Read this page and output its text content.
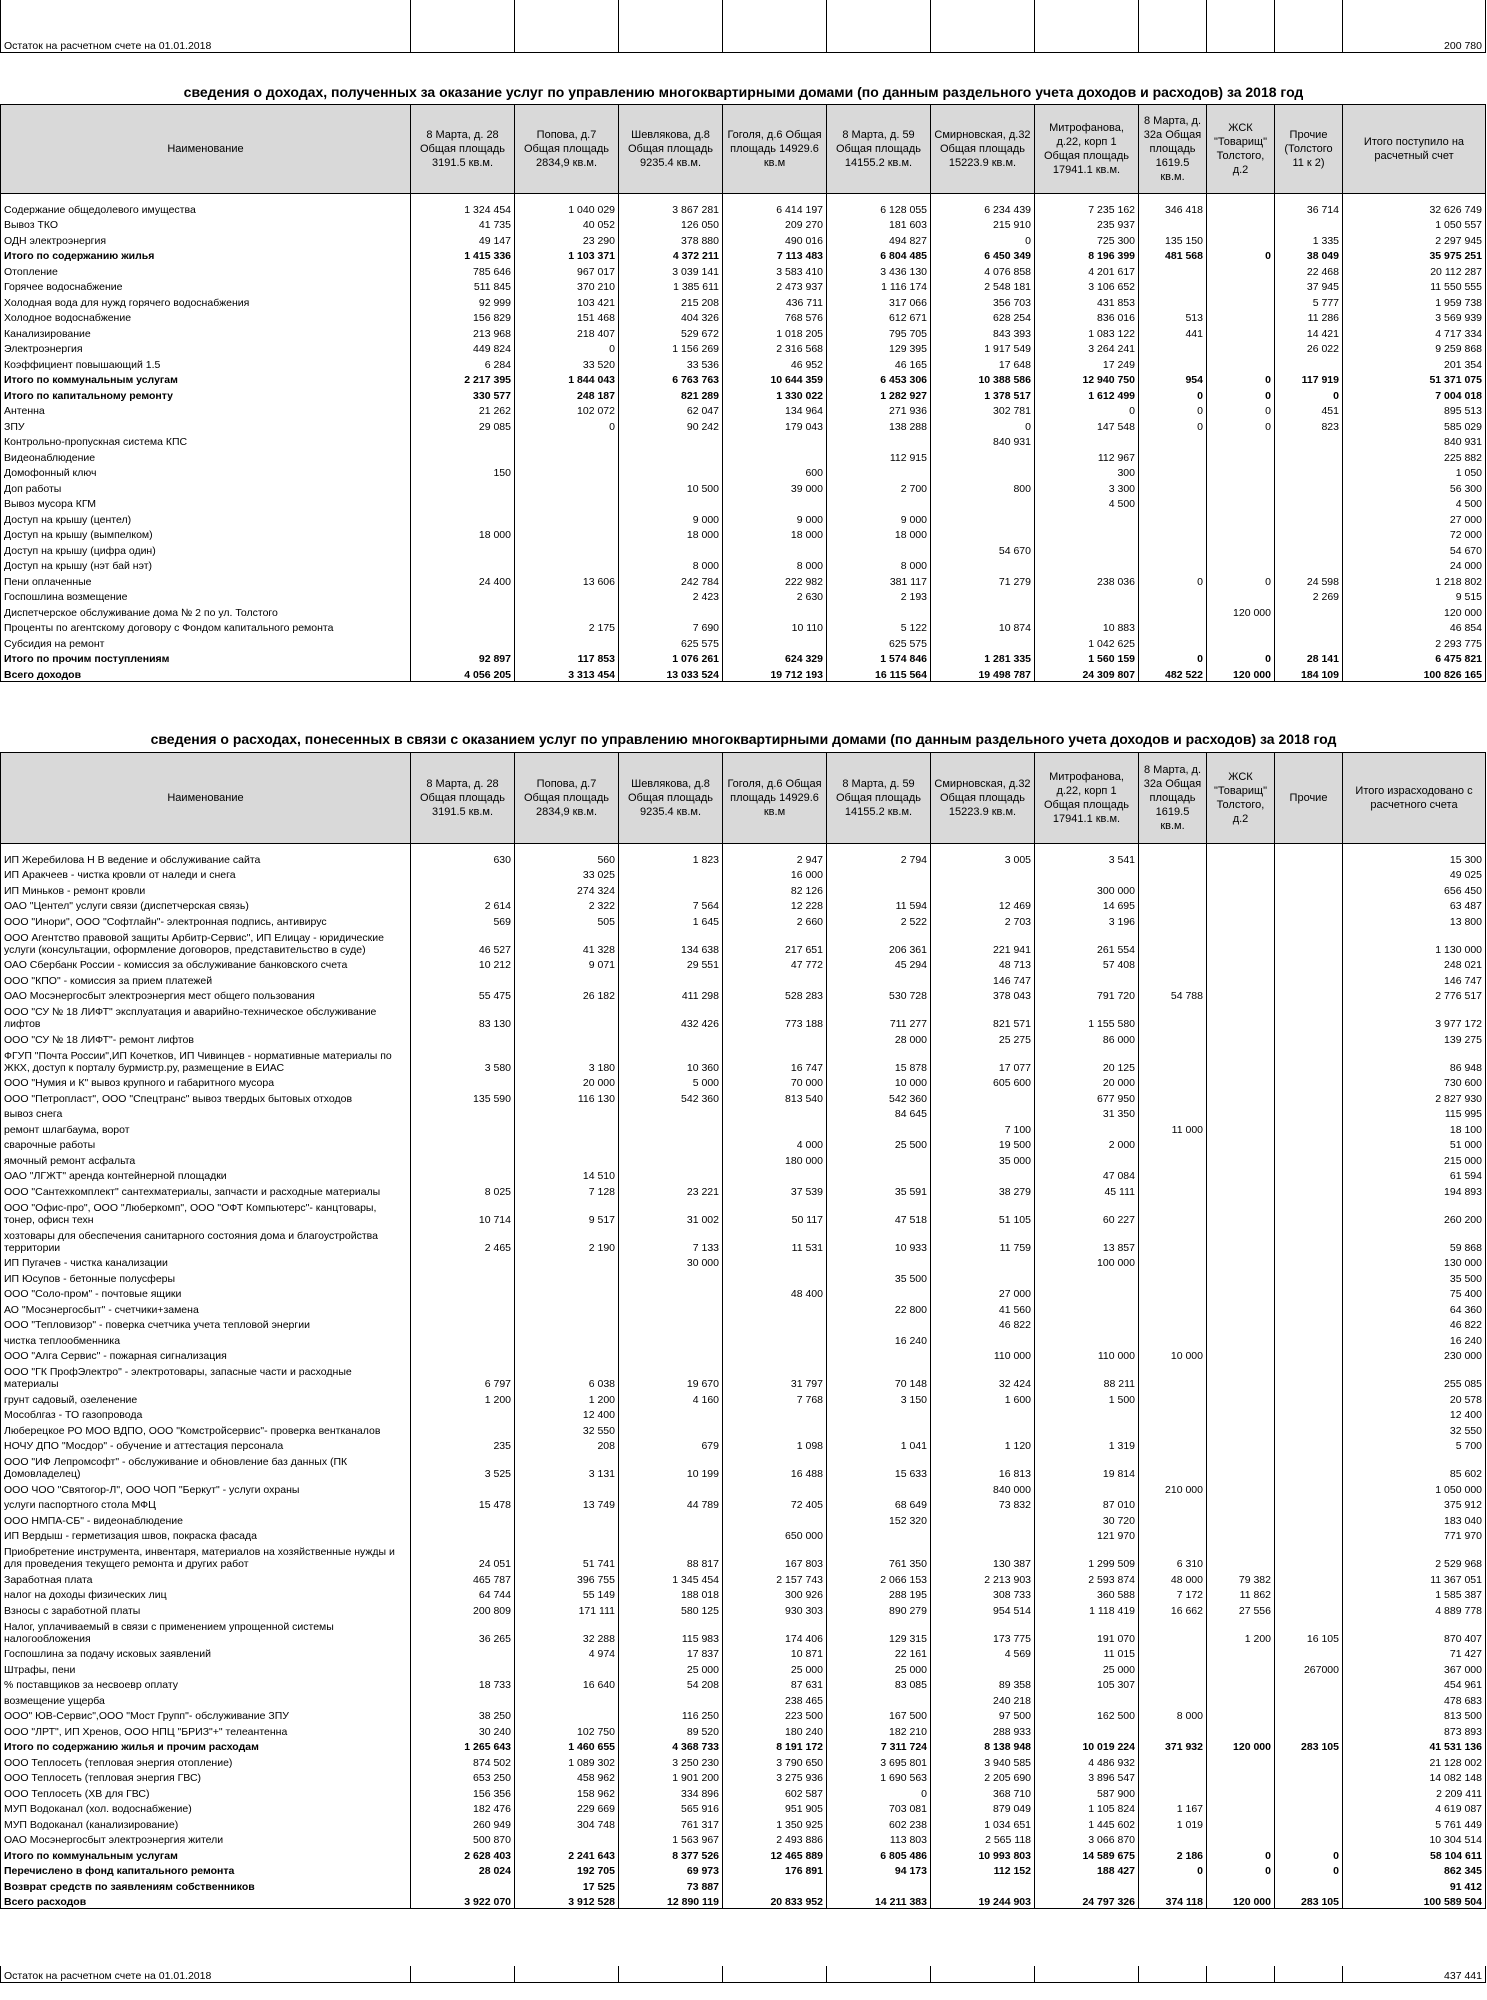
Остаток на расчетном счете на 01.01.2018											200 780
сведения о доходах, полученных за оказание услуг по управлению многоквартирными домами (по данным раздельного учета доходов и расходов) за 2018 год
Наименование	8 Марта, д. 28 Общая площадь 3191.5 кв.м.	Попова, д.7 Общая площадь 2834,9 кв.м.	Шевлякова, д.8 Общая площадь 9235.4 кв.м.	Гоголя, д.6 Общая площадь 14929.6 кв.м	8 Марта, д. 59 Общая площадь 14155.2 кв.м.	Смирновская, д.32 Общая площадь 15223.9 кв.м.	Митрофанова, д.22, корп 1 Общая площадь 17941.1 кв.м.	8 Марта, д. 32а Общая площадь 1619.5 кв.м.	ЖСК "Товарищ" Толстого, д.2	Прочие (Толстого 11 к 2)	Итого поступило на расчетный счет

Содержание общедолевого имущества	1 324 454	1 040 029	3 867 281	6 414 197	6 128 055	6 234 439	7 235 162	346 418		36 714	32 626 749
Вывоз ТКО	41 735	40 052	126 050	209 270	181 603	215 910	235 937				1 050 557
ОДН электроэнергия	49 147	23 290	378 880	490 016	494 827	0	725 300	135 150		1 335	2 297 945
Итого по содержанию жилья	1 415 336	1 103 371	4 372 211	7 113 483	6 804 485	6 450 349	8 196 399	481 568	0	38 049	35 975 251
Отопление	785 646	967 017	3 039 141	3 583 410	3 436 130	4 076 858	4 201 617			22 468	20 112 287
Горячее водоснабжение	511 845	370 210	1 385 611	2 473 937	1 116 174	2 548 181	3 106 652			37 945	11 550 555
Холодная вода для нужд горячего водоснабжения	92 999	103 421	215 208	436 711	317 066	356 703	431 853			5 777	1 959 738
Холодное водоснабжение	156 829	151 468	404 326	768 576	612 671	628 254	836 016	513		11 286	3 569 939
Канализирование	213 968	218 407	529 672	1 018 205	795 705	843 393	1 083 122	441		14 421	4 717 334
Электроэнергия	449 824	0	1 156 269	2 316 568	129 395	1 917 549	3 264 241			26 022	9 259 868
Коэффициент повышающий 1.5	6 284	33 520	33 536	46 952	46 165	17 648	17 249				201 354
Итого по коммунальным услугам	2 217 395	1 844 043	6 763 763	10 644 359	6 453 306	10 388 586	12 940 750	954	0	117 919	51 371 075
Итого по капитальному ремонту	330 577	248 187	821 289	1 330 022	1 282 927	1 378 517	1 612 499	0	0	0	7 004 018
Антенна	21 262	102 072	62 047	134 964	271 936	302 781	0	0	0	451	895 513
ЗПУ	29 085	0	90 242	179 043	138 288	0	147 548	0	0	823	585 029
Контрольно-пропускная система КПС						840 931					840 931
Видеонаблюдение					112 915		112 967				225 882
Домофонный ключ	150			600			300				1 050
Доп работы			10 500	39 000	2 700	800	3 300				56 300
Вывоз мусора КГМ							4 500				4 500
Доступ на крышу (центел)			9 000	9 000	9 000						27 000
Доступ на крышу (вымпелком)	18 000		18 000	18 000	18 000						72 000
Доступ на крышу (цифра один)						54 670					54 670
Доступ на крышу (нэт бай нэт)			8 000	8 000	8 000						24 000
Пени оплаченные	24 400	13 606	242 784	222 982	381 117	71 279	238 036	0	0	24 598	1 218 802
Госпошлина возмещение			2 423	2 630	2 193					2 269	9 515
Диспетчерское обслуживание дома № 2 по ул. Толстого									120 000		120 000
Проценты по агентскому договору с Фондом капитального ремонта		2 175	7 690	10 110	5 122	10 874	10 883				46 854
Субсидия на ремонт			625 575		625 575		1 042 625				2 293 775
Итого по прочим поступлениям	92 897	117 853	1 076 261	624 329	1 574 846	1 281 335	1 560 159	0	0	28 141	6 475 821
Всего доходов	4 056 205	3 313 454	13 033 524	19 712 193	16 115 564	19 498 787	24 309 807	482 522	120 000	184 109	100 826 165
сведения о расходах, понесенных в связи с оказанием услуг по управлению многоквартирными домами (по данным раздельного учета доходов и расходов) за 2018 год
Наименование	8 Марта, д. 28 Общая площадь 3191.5 кв.м.	Попова, д.7 Общая площадь 2834,9 кв.м.	Шевлякова, д.8 Общая площадь 9235.4 кв.м.	Гоголя, д.6 Общая площадь 14929.6 кв.м	8 Марта, д. 59 Общая площадь 14155.2 кв.м.	Смирновская, д.32 Общая площадь 15223.9 кв.м.	Митрофанова, д.22, корп 1 Общая площадь 17941.1 кв.м.	8 Марта, д. 32а Общая площадь 1619.5 кв.м.	ЖСК "Товарищ" Толстого, д.2	Прочие	Итого израсходовано с расчетного счета

ИП Жеребилова Н В ведение и обслуживание сайта	630	560	1 823	2 947	2 794	3 005	3 541				15 300
ИП Аракчеев - чистка кровли от наледи и снега		33 025		16 000							49 025
ИП Миньков - ремонт кровли		274 324		82 126			300 000				656 450
ОАО "Центел" услуги связи (диспетчерская связь)	2 614	2 322	7 564	12 228	11 594	12 469	14 695				63 487
ООО "Инори", ООО "Софтлайн"- электронная подпись, антивирус	569	505	1 645	2 660	2 522	2 703	3 196				13 800
ООО Агентство правовой защиты Арбитр-Сервис", ИП Елицау - юридические услуги (консультации, оформление договоров, представительство в суде)	46 527	41 328	134 638	217 651	206 361	221 941	261 554				1 130 000
ОАО Сбербанк России - комиссия за обслуживание банковского счета	10 212	9 071	29 551	47 772	45 294	48 713	57 408				248 021
ООО "КПО" - комиссия за прием платежей						146 747					146 747
ОАО Мосэнергосбыт электроэнергия мест общего пользования	55 475	26 182	411 298	528 283	530 728	378 043	791 720	54 788			2 776 517
ООО "СУ № 18 ЛИФТ" эксплуатация и аварийно-техническое обслуживание лифтов	83 130		432 426	773 188	711 277	821 571	1 155 580				3 977 172
ООО "СУ № 18 ЛИФТ"- ремонт лифтов					28 000	25 275	86 000				139 275
ФГУП "Почта России",ИП Кочетков, ИП Чивинцев - нормативные материалы по ЖКХ, доступ к порталу бурмистр.ру, размещение в ЕИАС	3 580	3 180	10 360	16 747	15 878	17 077	20 125				86 948
ООО "Нумия и К" вывоз крупного и габаритного мусора		20 000	5 000	70 000	10 000	605 600	20 000				730 600
ООО "Петропласт", ООО "Спецтранс" вывоз твердых бытовых отходов	135 590	116 130	542 360	813 540	542 360		677 950				2 827 930
вывоз снега					84 645		31 350				115 995
ремонт шлагбаума, ворот						7 100		11 000			18 100
сварочные работы				4 000	25 500	19 500	2 000				51 000
ямочный ремонт асфальта				180 000		35 000					215 000
ОАО "ЛГЖТ" аренда контейнерной площадки		14 510					47 084				61 594
ООО "Сантехкомплект" сантехматериалы, запчасти и расходные материалы	8 025	7 128	23 221	37 539	35 591	38 279	45 111				194 893
ООО "Офис-про", ООО "Люберкомп", ООО "ОФТ Компьютерс"- канцтовары, тонер, офисн техн	10 714	9 517	31 002	50 117	47 518	51 105	60 227				260 200
хозтовары для обеспечения санитарного состояния дома и благоустройства территории	2 465	2 190	7 133	11 531	10 933	11 759	13 857				59 868
ИП Пугачев - чистка канализации			30 000				100 000				130 000
ИП Юсупов - бетонные полусферы					35 500						35 500
ООО "Соло-пром" - почтовые ящики				48 400		27 000					75 400
АО "Мосэнергосбыт" - счетчики+замена					22 800	41 560					64 360
ООО "Тепловизор" - поверка счетчика учета тепловой энергии						46 822					46 822
чистка теплообменника					16 240						16 240
ООО "Алга Сервис" - пожарная сигнализация						110 000	110 000	10 000			230 000
ООО "ГК ПрофЭлектро" - электротовары, запасные части и расходные материалы	6 797	6 038	19 670	31 797	70 148	32 424	88 211				255 085
грунт садовый, озеленение	1 200	1 200	4 160	7 768	3 150	1 600	1 500				20 578
Мособлгаз - ТО газопровода		12 400									12 400
Люберецкое РО МОО ВДПО, ООО "Комстройсервис"- проверка вентканалов		32 550									32 550
НОЧУ ДПО "Мосдор" - обучение и аттестация персонала	235	208	679	1 098	1 041	1 120	1 319				5 700
ООО "ИФ Лепромсофт" - обслуживание и обновление баз данных (ПК Домовладелец)	3 525	3 131	10 199	16 488	15 633	16 813	19 814				85 602
ООО ЧОО "Святогор-Л", ООО ЧОП "Беркут" - услуги охраны						840 000		210 000			1 050 000
услуги паспортного стола МФЦ	15 478	13 749	44 789	72 405	68 649	73 832	87 010				375 912
ООО НМПА-СБ" - видеонаблюдение					152 320		30 720				183 040
ИП Вердыш - герметизация швов, покраска фасада				650 000			121 970				771 970
Приобретение инструмента, инвентаря, материалов на хозяйственные нужды и для проведения текущего ремонта и других работ	24 051	51 741	88 817	167 803	761 350	130 387	1 299 509	6 310			2 529 968
Заработная плата	465 787	396 755	1 345 454	2 157 743	2 066 153	2 213 903	2 593 874	48 000	79 382		11 367 051
налог на доходы физических лиц	64 744	55 149	188 018	300 926	288 195	308 733	360 588	7 172	11 862		1 585 387
Взносы с заработной платы	200 809	171 111	580 125	930 303	890 279	954 514	1 118 419	16 662	27 556		4 889 778
Налог, уплачиваемый в связи с применением упрощенной системы налогообложения	36 265	32 288	115 983	174 406	129 315	173 775	191 070		1 200	16 105	870 407
Госпошлина за подачу исковых заявлений		4 974	17 837	10 871	22 161	4 569	11 015				71 427
Штрафы, пени			25 000	25 000	25 000		25 000			267000	367 000
% поставщиков за несвоевр оплату	18 733	16 640	54 208	87 631	83 085	89 358	105 307				454 961
возмещение ущерба				238 465		240 218					478 683
ООО" ЮВ-Сервис",ООО "Мост Групп"- обслуживание ЗПУ	38 250		116 250	223 500	167 500	97 500	162 500	8 000			813 500
ООО "ЛРТ", ИП Хренов, ООО НПЦ "БРИЗ"+" телеантенна	30 240	102 750	89 520	180 240	182 210	288 933					873 893
Итого по содержанию жилья и прочим расходам	1 265 643	1 460 655	4 368 733	8 191 172	7 311 724	8 138 948	10 019 224	371 932	120 000	283 105	41 531 136
ООО Теплосеть (тепловая энергия отопление)	874 502	1 089 302	3 250 230	3 790 650	3 695 801	3 940 585	4 486 932				21 128 002
ООО Теплосеть (тепловая энергия ГВС)	653 250	458 962	1 901 200	3 275 936	1 690 563	2 205 690	3 896 547				14 082 148
ООО Теплосеть (ХВ для ГВС)	156 356	158 962	334 896	602 587	0	368 710	587 900				2 209 411
МУП Водоканал (хол. водоснабжение)	182 476	229 669	565 916	951 905	703 081	879 049	1 105 824	1 167			4 619 087
МУП Водоканал (канализирование)	260 949	304 748	761 317	1 350 925	602 238	1 034 651	1 445 602	1 019			5 761 449
ОАО Мосэнергосбыт электроэнергия жители	500 870		1 563 967	2 493 886	113 803	2 565 118	3 066 870				10 304 514
Итого по коммунальным услугам	2 628 403	2 241 643	8 377 526	12 465 889	6 805 486	10 993 803	14 589 675	2 186	0	0	58 104 611
Перечислено в фонд капитального ремонта	28 024	192 705	69 973	176 891	94 173	112 152	188 427	0	0	0	862 345
Возврат средств по заявлениям собственников		17 525	73 887								91 412
Всего расходов	3 922 070	3 912 528	12 890 119	20 833 952	14 211 383	19 244 903	24 797 326	374 118	120 000	283 105	100 589 504
Остаток на расчетном счете на 01.01.2018											437 441
